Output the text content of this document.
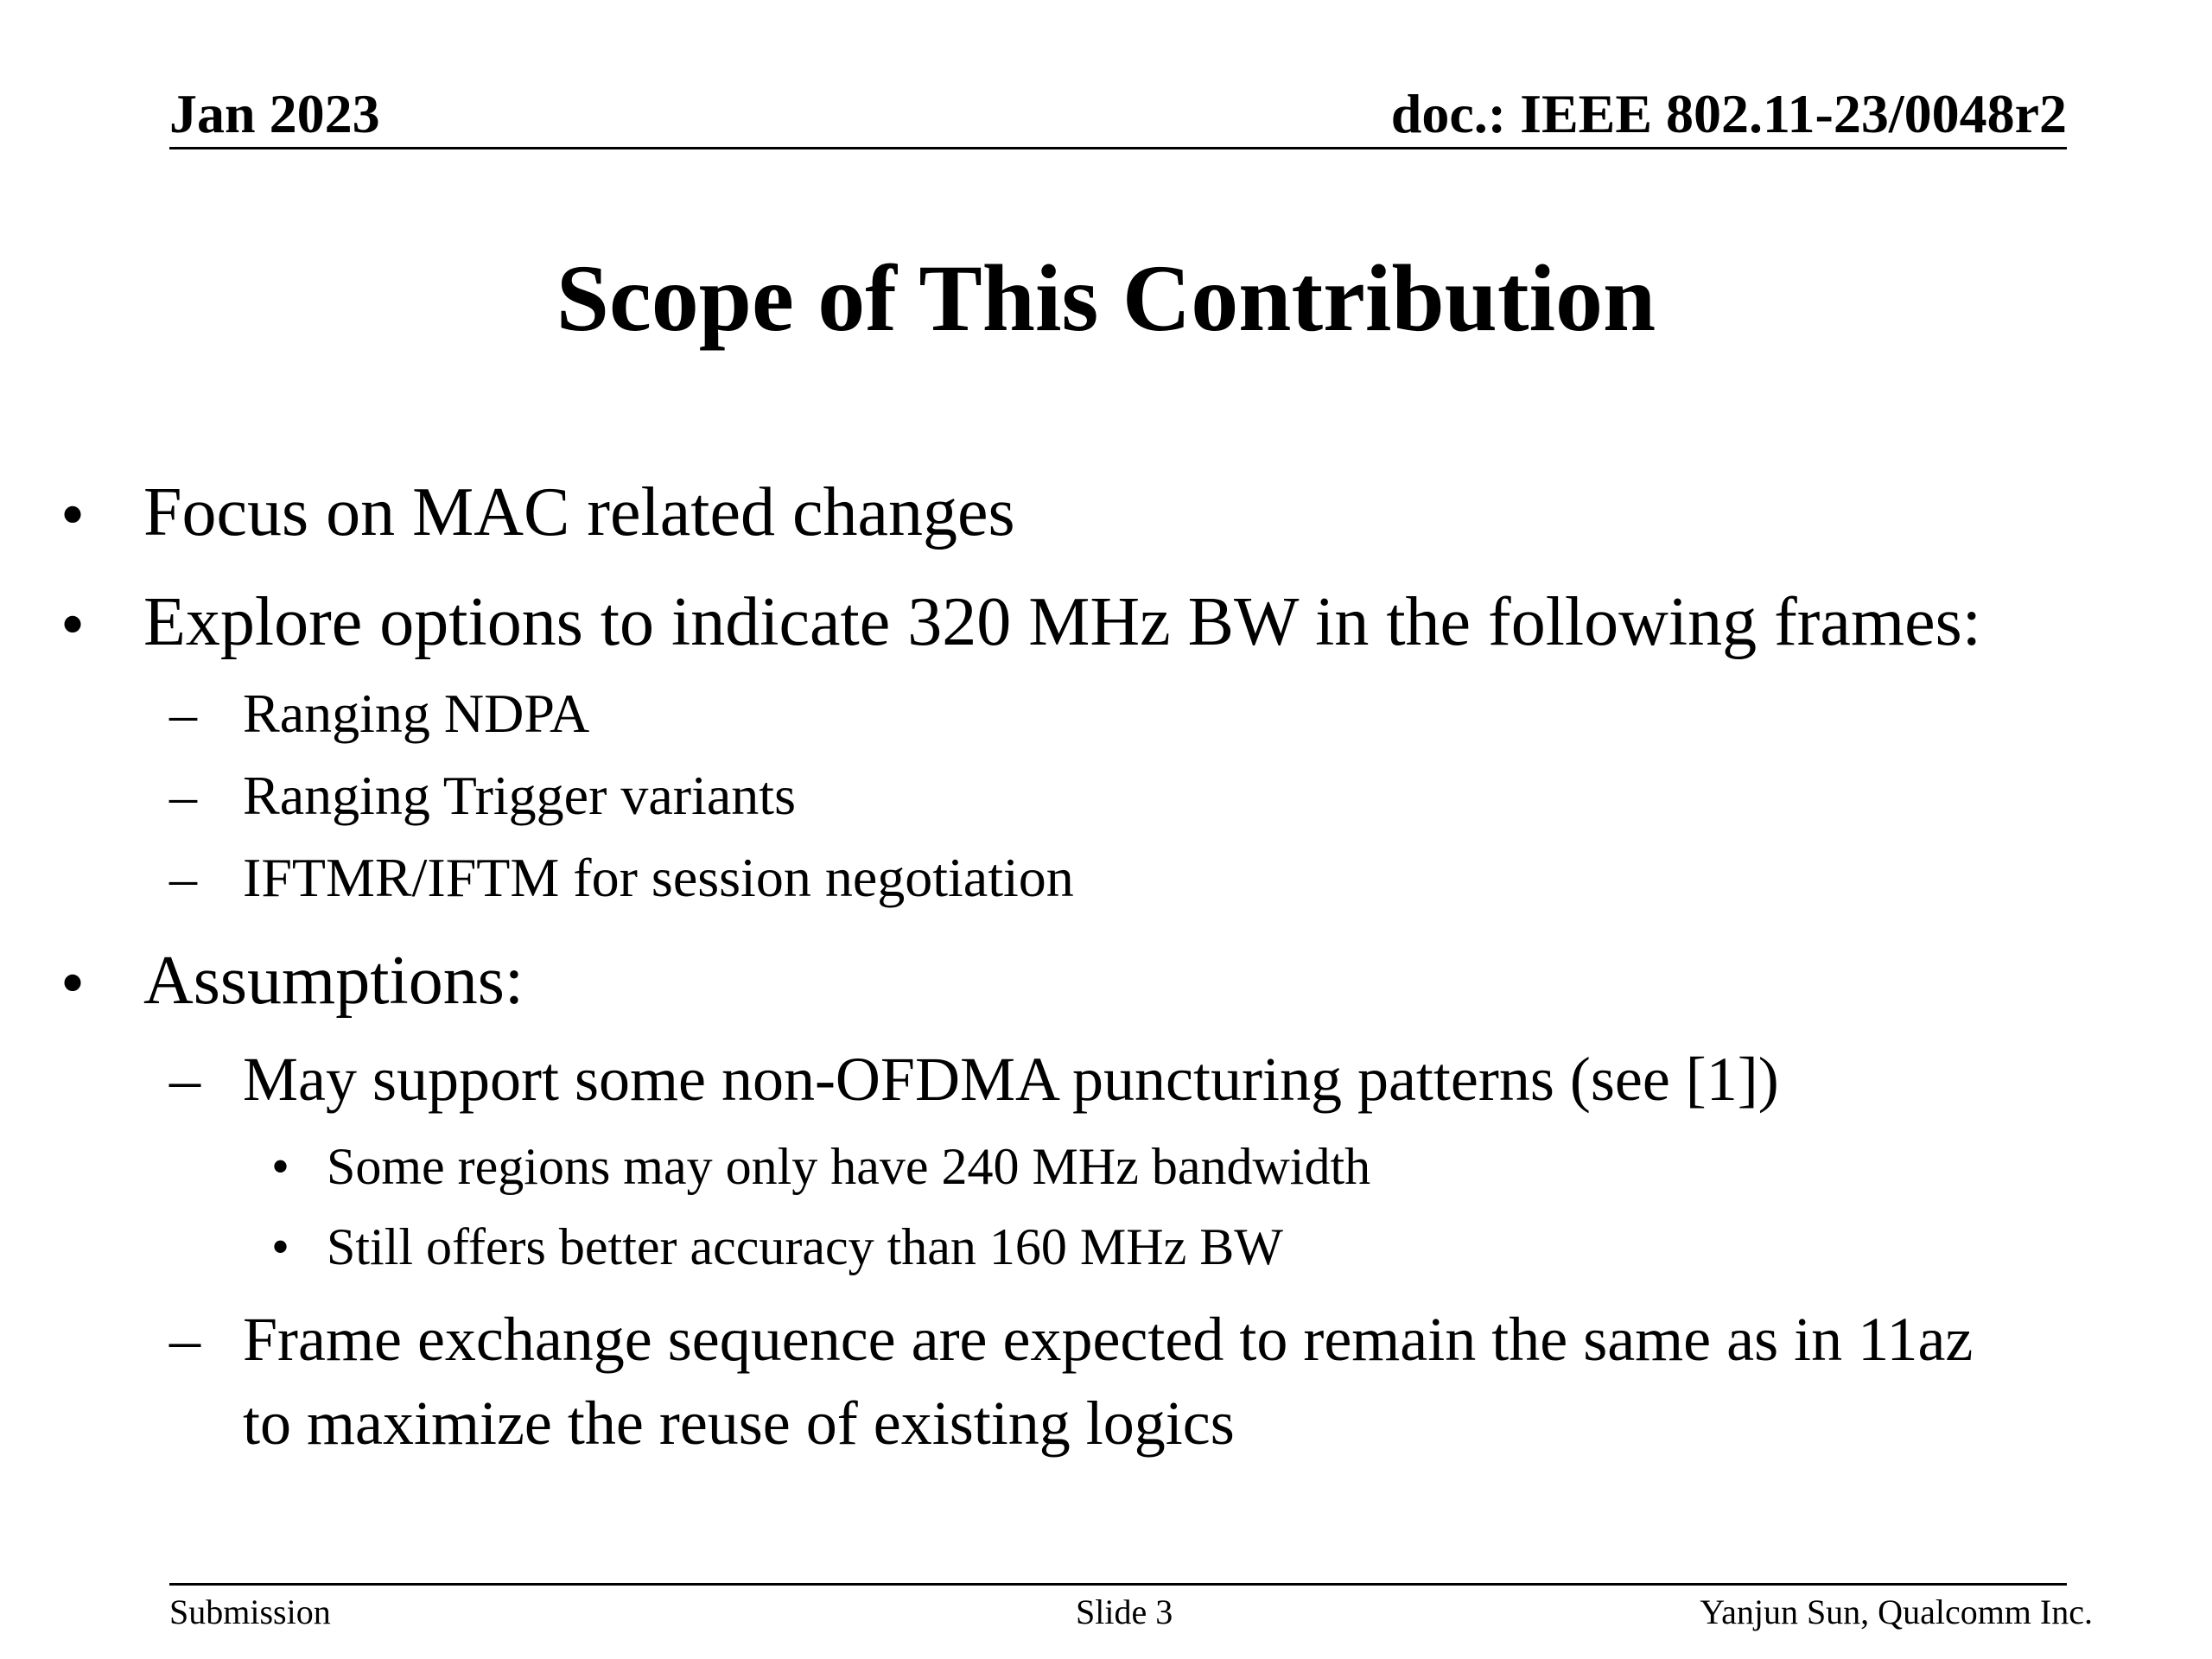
Jan 2023	doc.: IEEE 802.11-23/0048r2
Scope of This Contribution
• Focus on MAC related changes
• Explore options to indicate 320 MHz BW in the following frames:
– Ranging NDPA
– Ranging Trigger variants
– IFTMR/IFTM for session negotiation
• Assumptions:
– May support some non-OFDMA puncturing patterns (see [1])
• Some regions may only have 240 MHz bandwidth
• Still offers better accuracy than 160 MHz BW
– Frame exchange sequence are expected to remain the same as in 11az
to maximize the reuse of existing logics
Submission	Slide 3	Yanjun Sun, Qualcomm Inc.
